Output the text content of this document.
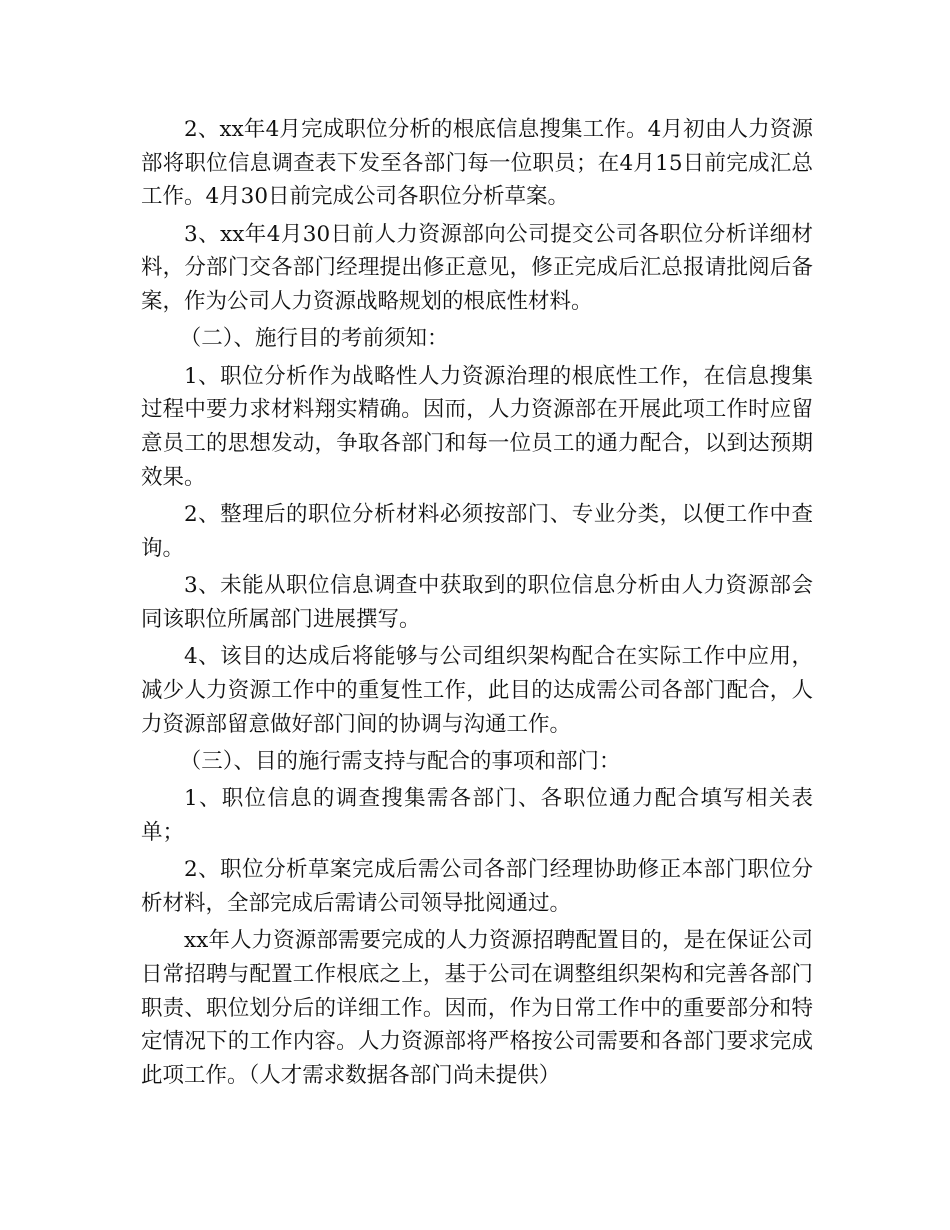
2、xx年4月完成职位分析的根底信息搜集工作。4月初由人力资源部将职位信息调查表下发至各部门每一位职员；在4月15日前完成汇总工作。4月30日前完成公司各职位分析草案。

3、xx年4月30日前人力资源部向公司提交公司各职位分析详细材料，分部门交各部门经理提出修正意见，修正完成后汇总报请批阅后备案，作为公司人力资源战略规划的根底性材料。

（二）、施行目的考前须知：

1、职位分析作为战略性人力资源治理的根底性工作，在信息搜集过程中要力求材料翔实精确。因而，人力资源部在开展此项工作时应留意员工的思想发动，争取各部门和每一位员工的通力配合，以到达预期效果。

2、整理后的职位分析材料必须按部门、专业分类，以便工作中查询。

3、未能从职位信息调查中获取到的职位信息分析由人力资源部会同该职位所属部门进展撰写。

4、该目的达成后将能够与公司组织架构配合在实际工作中应用，减少人力资源工作中的重复性工作，此目的达成需公司各部门配合，人力资源部留意做好部门间的协调与沟通工作。

（三）、目的施行需支持与配合的事项和部门：

1、职位信息的调查搜集需各部门、各职位通力配合填写相关表单；

2、职位分析草案完成后需公司各部门经理协助修正本部门职位分析材料，全部完成后需请公司领导批阅通过。

xx年人力资源部需要完成的人力资源招聘配置目的，是在保证公司日常招聘与配置工作根底之上，基于公司在调整组织架构和完善各部门职责、职位划分后的详细工作。因而，作为日常工作中的重要部分和特定情况下的工作内容。人力资源部将严格按公司需要和各部门要求完成此项工作。（人才需求数据各部门尚未提供）
